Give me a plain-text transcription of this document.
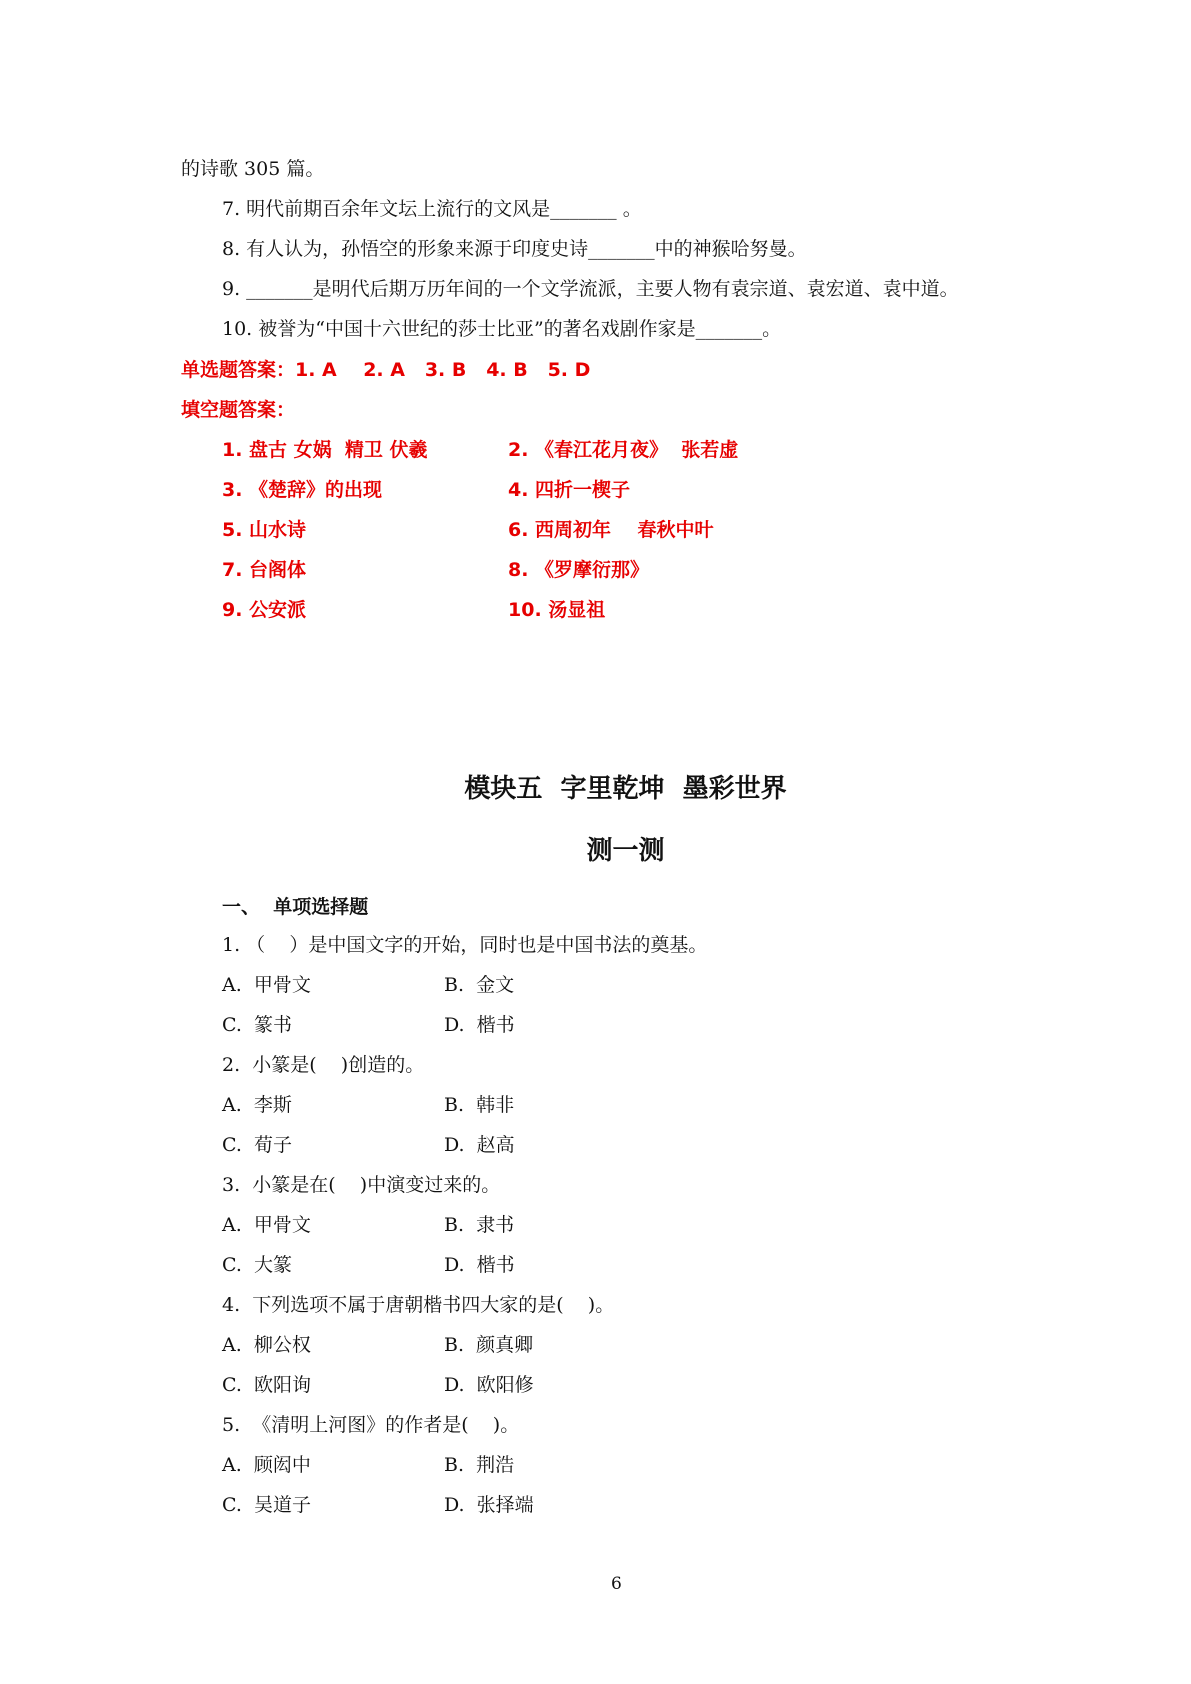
的诗歌 305 篇。
7. 明代前期百余年文坛上流行的文风是_______ 。
8. 有人认为，孙悟空的形象来源于印度史诗_______中的神猴哈努曼。
9. _______是明代后期万历年间的一个文学流派，主要人物有袁宗道、袁宏道、袁中道。
10. 被誉为“中国十六世纪的莎士比亚”的著名戏剧作家是_______。
单选题答案：1. A    2. A   3. B   4. B   5. D
填空题答案：
1. 盘古 女娲  精卫 伏羲	2. 《春江花月夜》  张若虚
3. 《楚辞》的出现	4. 四折一楔子
5. 山水诗	6. 西周初年    春秋中叶
7. 台阁体	8. 《罗摩衍那》
9. 公安派	10. 汤显祖
模块五  字里乾坤  墨彩世界
测一测
一、  单项选择题
1. （    ）是中国文字的开始，同时也是中国书法的奠基。
A.  甲骨文	B.  金文
C.  篆书	D.  楷书
2.  小篆是(    )创造的。
A.  李斯	B.  韩非
C.  荀子	D.  赵高
3.  小篆是在(    )中演变过来的。
A.  甲骨文	B.  隶书
C.  大篆	D.  楷书
4.  下列选项不属于唐朝楷书四大家的是(    )。
A.  柳公权	B.  颜真卿
C.  欧阳询	D.  欧阳修
5.  《清明上河图》的作者是(    )。
A.  顾闳中	B.  荆浩
C.  吴道子	D.  张择端
6
